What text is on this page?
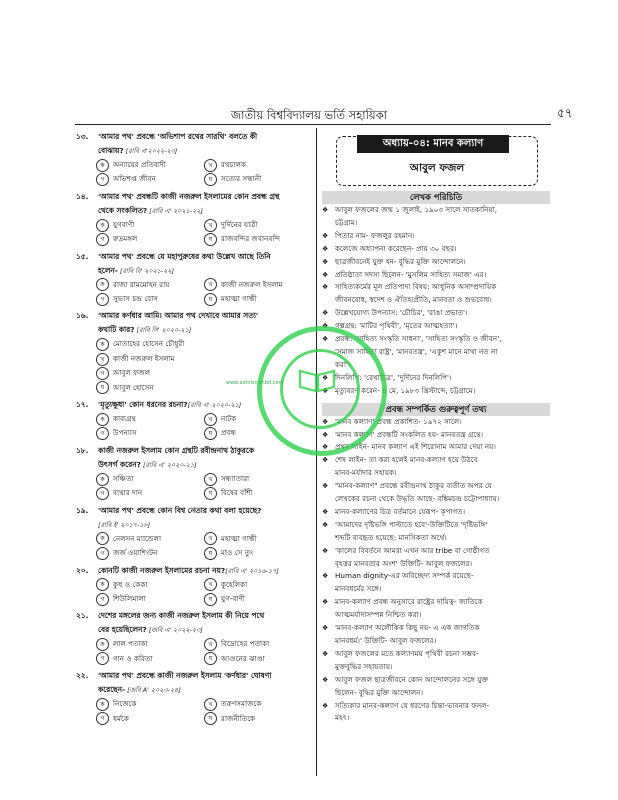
জাতীয় বিশ্ববিদ্যালয় ভর্তি সহায়িকা	৫৭
১৩.	'আমার পথ' প্রবন্ধে 'অভিশাপ রথের সারথি' বলতে কী
বোঝায়? [রাবি এ'২০২২-২৩]
ক	অন্যায়ের প্রতিবাদী	খ	রথচালক
গ	অভিশপ্ত জীবন	ঘ	সত্যের সন্ধানী
১৪.	'আমার পথ' প্রবন্ধটি কাজী নজরুল ইসলামের কোন প্রবন্ধ গ্রন্থ
থেকে সংকলিত? [রাবি এ' ২০২১-২২]
ক	যুগবাণী	খ	দুর্দিনের যাত্রী
গ	রুদ্রমঙ্গল	ঘ	রাজবন্দির জবানবন্দি
১৫.	'আমার পথ' প্রবন্ধে যে মহাপুরুষের কথা উল্লেখ আছে তিনি
হলেন- [রাবি বি' ২০২১-২২]
ক	রাজা রামমোহন রায়	খ	কাজী নজরুল ইসলাম
গ	সুভাস চন্দ্র বোস	ঘ	মহাত্মা গান্ধী
১৬.	'আমার কর্ণধার আমি। আমার পথ দেখাবে আমার সত্য'
কথাটি কার? [রাবি সি' ২০২০-২১]
ক	মোতাহের হোসেন চৌধুরী
খ	কাজী নজরুল ইসলাম
গ	আবুল ফজল
ঘ	আবুল হোসেন
১৭.	'মৃত্যুক্ষুধা' কোন ধরনের রচনা? [রাবি এ' ২০২০-২১]
ক	কাব্যগ্রন্থ	খ	নাটক
গ	উপন্যাস	ঘ	প্রবন্ধ
১৮.	কাজী নজরুল ইসলাম কোন গ্রন্থটি রবীন্দ্রনাথ ঠাকুরকে
উৎসর্গ করেন? [রাবি এ' ২০২০-২১]
ক	সঞ্চিতা	খ	সন্ধ্যাতারা
গ	ব্যথার দান	ঘ	বিষের বাঁশী
১৯.	'আমার পথ' প্রবন্ধে কোন বিশ্ব নেতার কথা বলা হয়েছে?
[রাবি ই' ২০১৭-১৮]
ক	নেলসন ম্যান্ডেলা	খ	মহাত্মা গান্ধী
গ	জর্জ ওয়াশিংটন	ঘ	মাও সে তুং
২০.	কোনটি কাজী নজরুল ইসলামের রচনা নয়? [রাবি এ' ২০১৬-১৭]
ক	কুহু ও কেকা	খ	কুহেলিকা
গ	শিউলিমালা	ঘ	যুগ-বাণী
২১.	দেশের মঙ্গলের জন্য কাজী নজরুল ইসলাম কী নিয়ে পথে
বের হয়েছিলেন? [জবি এ' ২০২২-২৩]
ক	লাল পতাকা	খ	বিদ্রোহের পতাকা
গ	গান ও কবিতা	ঘ	আগুনের ঝাণ্ডা
২২.	'আমার পথ' প্রবন্ধে কাজী নজরুল ইসলাম 'কর্ণধার' ঘোষণা
করেছেন- [জবি A' ২০২৩-২৪]
ক	নিজেকে	খ	তরুণসমাজকে
গ	ধর্মকে	ঘ	রাজনীতিকে
অধ্যায়-০৪: মানব কল্যাণ
আবুল ফজল
লেখক পরিচিতি
❖ আবুল ফজলের জন্ম ১ জুলাই, ১৯০৩ সালে সাতকানিয়া,
চট্টগ্রাম।
❖ পিতার নাম- ফজলুর রহমান।
❖ কলেজে অধ্যাপনা করেছেন- প্রায় ৩০ বছর।
❖ ছাত্রজীবনেই যুক্ত হন- বুদ্ধির মুক্তি আন্দোলনে।
❖ প্রতিষ্ঠাতা সদস্য ছিলেন- 'মুসলিম সাহিত্য সমাজ' এর।
❖ সাহিত্যকর্মের মূল প্রতিপাদ্য বিষয়: আধুনিক অসাম্প্রদায়িক
জীবনবোধ, স্বদেশ ও ঐতিহ্যপ্রীতি, মানবতা ও শুভবোধ।
❖ উল্লেখযোগ্য উপন্যাস: 'চৌচির', 'রাঙা প্রভাত'।
❖ গল্পগ্রন্থ: 'মাটির পৃথিবী', 'মৃতের আত্মহত্যা'।
❖ প্রবন্ধ: 'সাহিত্য সংস্কৃতি সাধনা', 'সাহিত্য সংস্কৃতি ও জীবন',
'সমাজ সাহিত্য রাষ্ট্র', 'মানবতন্ত্র', 'একুশ মানে মাথা নত না
করা'।
❖ দিনলিপি: 'রেখাচিত্র', 'দুর্দিনের দিনলিপি'।
❖ মৃত্যুবরণ করেন- ৪ মে, ১৯৮৩ খ্রিস্টাব্দে, চট্টগ্রামে।
প্রবন্ধ সম্পর্কিত গুরুত্বপূর্ণ তথ্য
❖ 'মানব কল্যাণ' প্রবন্ধ প্রকাশিত- ১৯৭২ সালে।
❖ 'মানব কল্যাণ' প্রবন্ধটি সংকলিত হয়- মানবতন্ত্র গ্রন্থে।
❖ প্রথম লাইন- মানব কল্যাণ এই শিরোনাম আমার দেয়া নয়।
❖ শেষ লাইন- তা করা হলেই মানব-কল্যাণ হয়ে উঠবে
মানব-মর্যাদার সহায়ক।
❖ "মানব-কল্যাণ" প্রবন্ধে রবীন্দ্রনাথ ঠাকুর ব্যতীত অপর যে
লেখকের রচনা থেকে উদ্ধৃতি আছে- বঙ্কিমচন্দ্র চট্টোপাধ্যায়।
❖ মানব-কল্যাণের চিত্র বর্তমানে যেরূপ- কৃপাগত।
❖ 'আমাদের দৃষ্টিভঙ্গি পাল্টাতে হবে'-উক্তিটিতে 'দৃষ্টিভঙ্গি'
শব্দটি ব্যবহৃত হয়েছে: মানসিকতা অর্থে।
❖ 'কালের বিবর্তনে আমরা এখন আর tribe বা গোষ্ঠীগত
বৃহত্তর মানবতার অংশ' উক্তিটি- আবুল ফজলের।
❖ Human dignity-এর অবিচ্ছেদ্য সম্পর্ক রয়েছে-
মানবধর্মের সঙ্গে।
❖ মানব-কল্যাণ প্রবন্ধ অনুসারে রাষ্ট্রের দায়িত্ব- জাতিকে
আত্মমর্যাদাসম্পন্ন নিশ্চিত করা।
❖ 'মানব-কল্যাণ অলৌকিক কিছু নয়- এ এক জাগতিক
মানবধর্ম।' উক্তিটি- আবুল ফজলের।
❖ আবুল ফজলের মতে কল্যাণময় পৃথিবী রচনা সম্ভব-
মুক্তবুদ্ধির সহায়তায়।
❖ আবুল ফজল ছাত্রজীবনে কোন আন্দোলনের সঙ্গে যুক্ত
ছিলেন- বুদ্ধির মুক্তি আন্দোলন।
❖ সত্যিকার মানব-কল্যাণ যে ধরণের চিন্তা-ভাবনার ফসল-
মহৎ।
www.admissionbd.com
